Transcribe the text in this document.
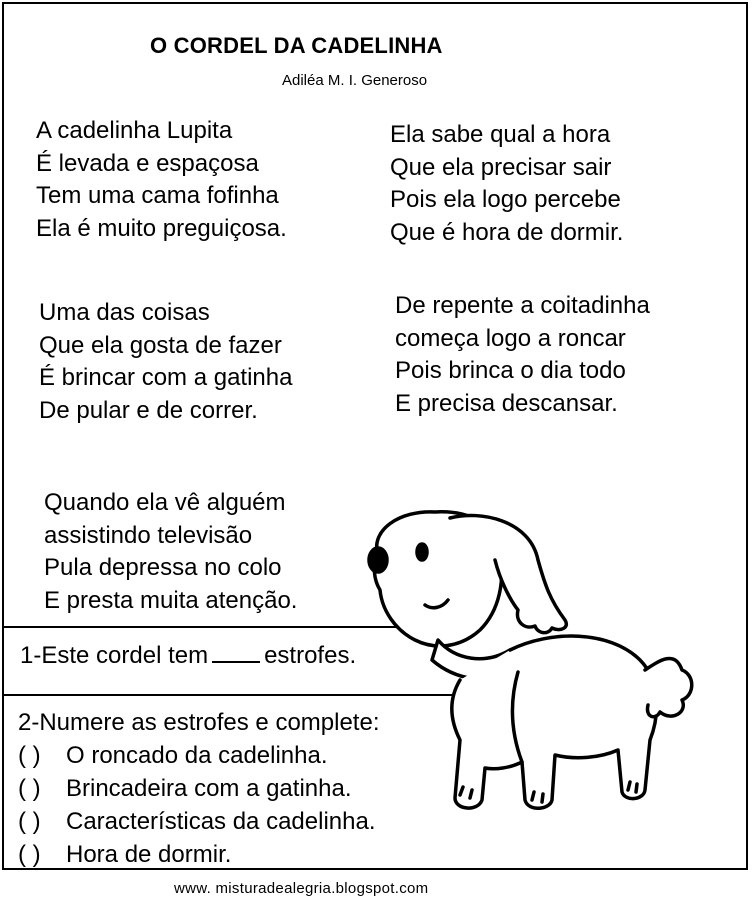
O CORDEL DA CADELINHA
Adiléa M. I. Generoso
A cadelinha Lupita
É levada e espaçosa
Tem uma cama fofinha
Ela é muito preguiçosa.
Ela sabe qual a hora
Que ela precisar sair
Pois ela logo percebe
Que é hora de dormir.
Uma das coisas
Que ela gosta de fazer
É brincar com a gatinha
De pular e de correr.
De repente a coitadinha
começa logo a roncar
Pois brinca o dia todo
E precisa descansar.
Quando ela vê alguém
assistindo televisão
Pula depressa no colo
E presta muita atenção.
1-Este cordel tem estrofes.
2-Numere as estrofes e complete:
( ) O roncado da cadelinha.
( ) Brincadeira com a gatinha.
( ) Características da cadelinha.
( ) Hora de dormir.
www. misturadealegria.blogspot.com
